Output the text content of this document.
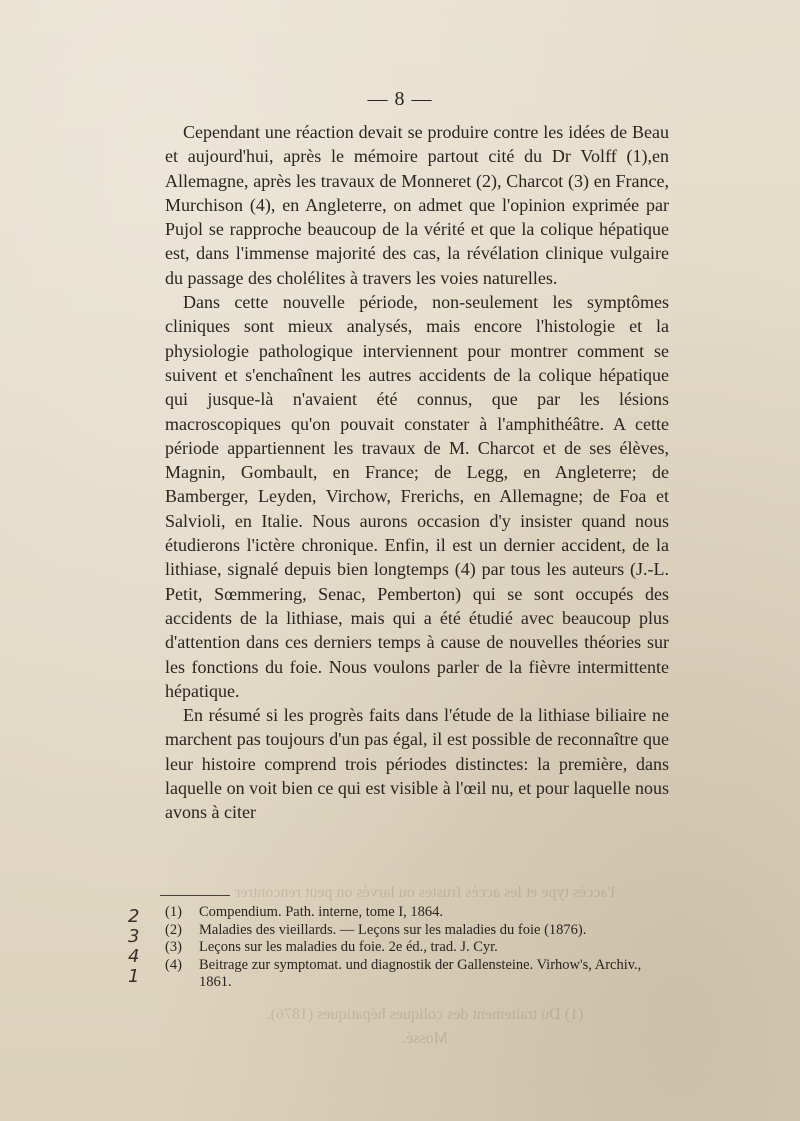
— 8 —

Cependant une réaction devait se produire contre les idées de Beau et aujourd'hui, après le mémoire partout cité du Dr Volff (1),en Allemagne, après les travaux de Monneret (2), Charcot (3) en France, Murchison (4), en Angleterre, on admet que l'opinion exprimée par Pujol se rapproche beaucoup de la vérité et que la colique hépatique est, dans l'immense majorité des cas, la révélation clinique vulgaire du passage des cholélites à travers les voies naturelles.

Dans cette nouvelle période, non-seulement les symptômes cliniques sont mieux analysés, mais encore l'histologie et la physiologie pathologique interviennent pour montrer comment se suivent et s'enchaînent les autres accidents de la colique hépatique qui jusque-là n'avaient été connus, que par les lésions macroscopiques qu'on pouvait constater à l'amphithéâtre. A cette période appartiennent les travaux de M. Charcot et de ses élèves, Magnin, Gombault, en France; de Legg, en Angleterre; de Bamberger, Leyden, Virchow, Frerichs, en Allemagne; de Foa et Salvioli, en Italie. Nous aurons occasion d'y insister quand nous étudierons l'ictère chronique. Enfin, il est un dernier accident, de la lithiase, signalé depuis bien longtemps (4) par tous les auteurs (J.-L. Petit, Sœmmering, Senac, Pemberton) qui se sont occupés des accidents de la lithiase, mais qui a été étudié avec beaucoup plus d'attention dans ces derniers temps à cause de nouvelles théories sur les fonctions du foie. Nous voulons parler de la fièvre intermittente hépatique.

En résumé si les progrès faits dans l'étude de la lithiase biliaire ne marchent pas toujours d'un pas égal, il est possible de reconnaître que leur histoire comprend trois périodes distinctes: la première, dans laquelle on voit bien ce qui est visible à l'œil nu, et pour laquelle nous avons à citer

l'accès type et les accès frustes ou larvés on peut rencontrer
(1) Du traitement des coliques hépatiques (1876).
Mossé.

(1) Compendium. Path. interne, tome I, 1864.

(2) Maladies des vieillards. — Leçons sur les maladies du foie (1876).

(3) Leçons sur les maladies du foie. 2e éd., trad. J. Cyr.

(4) Beitrage zur symptomat. und diagnostik der Gallensteine. Virhow's, Archiv., 1861.

2
3
4
1
